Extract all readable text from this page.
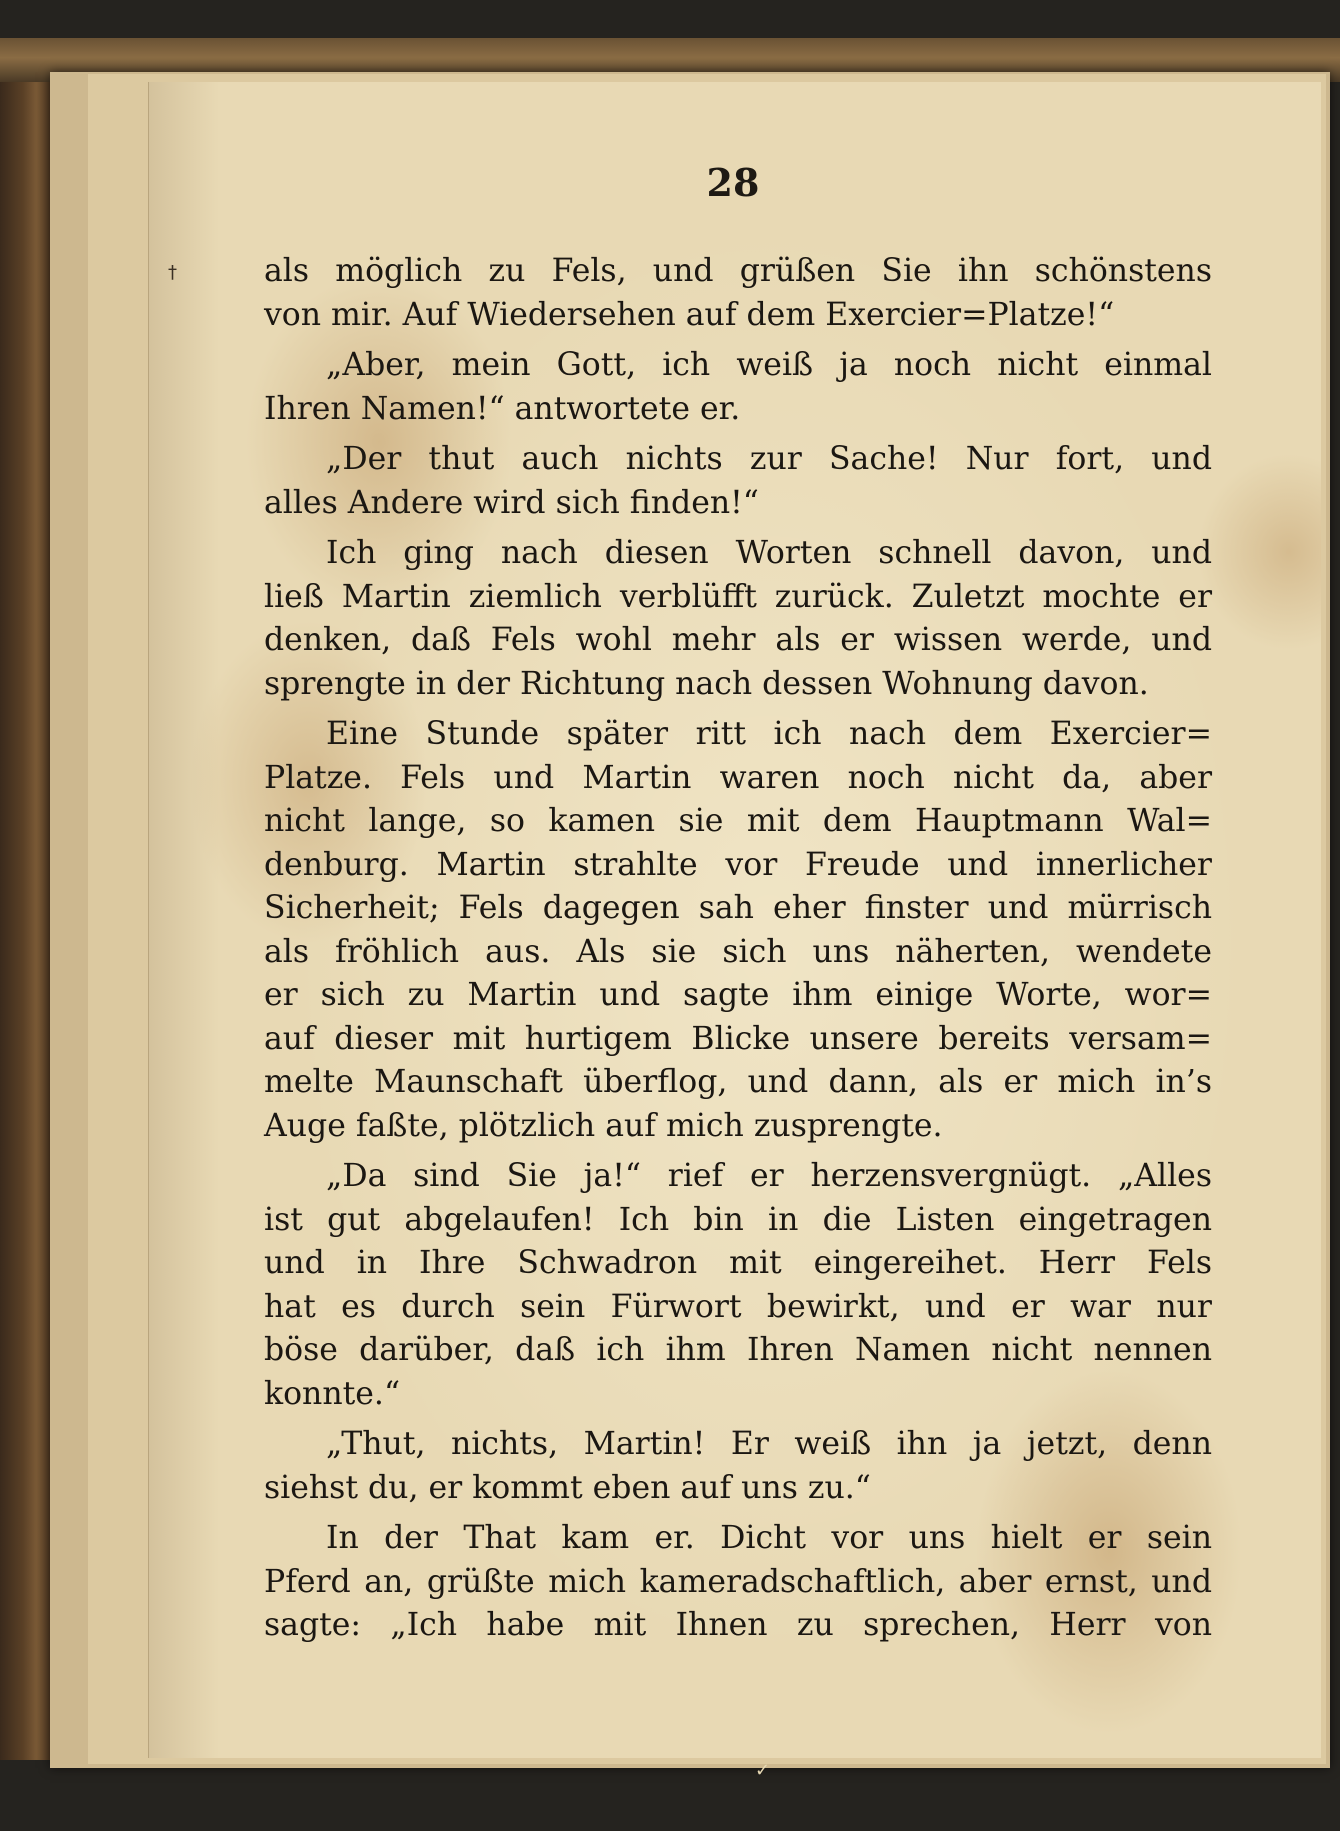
28
†	als möglich zu Fels, und grüßen Sie ihn schönstens
von mir. Auf Wiedersehen auf dem Exercier=Platze!“
„Aber, mein Gott, ich weiß ja noch nicht einmal
Ihren Namen!“ antwortete er.
„Der thut auch nichts zur Sache! Nur fort, und
alles Andere wird sich finden!“
Ich ging nach diesen Worten schnell davon, und
ließ Martin ziemlich verblüfft zurück. Zuletzt mochte er
denken, daß Fels wohl mehr als er wissen werde, und
sprengte in der Richtung nach dessen Wohnung davon.
Eine Stunde später ritt ich nach dem Exercier=
Platze. Fels und Martin waren noch nicht da, aber
nicht lange, so kamen sie mit dem Hauptmann Wal=
denburg. Martin strahlte vor Freude und innerlicher
Sicherheit; Fels dagegen sah eher finster und mürrisch
als fröhlich aus. Als sie sich uns näherten, wendete
er sich zu Martin und sagte ihm einige Worte, wor=
auf dieser mit hurtigem Blicke unsere bereits versam=
melte Maunschaft überflog, und dann, als er mich in’s
Auge faßte, plötzlich auf mich zusprengte.
„Da sind Sie ja!“ rief er herzensvergnügt. „Alles
ist gut abgelaufen! Ich bin in die Listen eingetragen
und in Ihre Schwadron mit eingereihet. Herr Fels
hat es durch sein Fürwort bewirkt, und er war nur
böse darüber, daß ich ihm Ihren Namen nicht nennen
konnte.“
„Thut, nichts, Martin! Er weiß ihn ja jetzt, denn
siehst du, er kommt eben auf uns zu.“
In der That kam er. Dicht vor uns hielt er sein
Pferd an, grüßte mich kameradschaftlich, aber ernst, und
sagte: „Ich habe mit Ihnen zu sprechen, Herr von
✓
